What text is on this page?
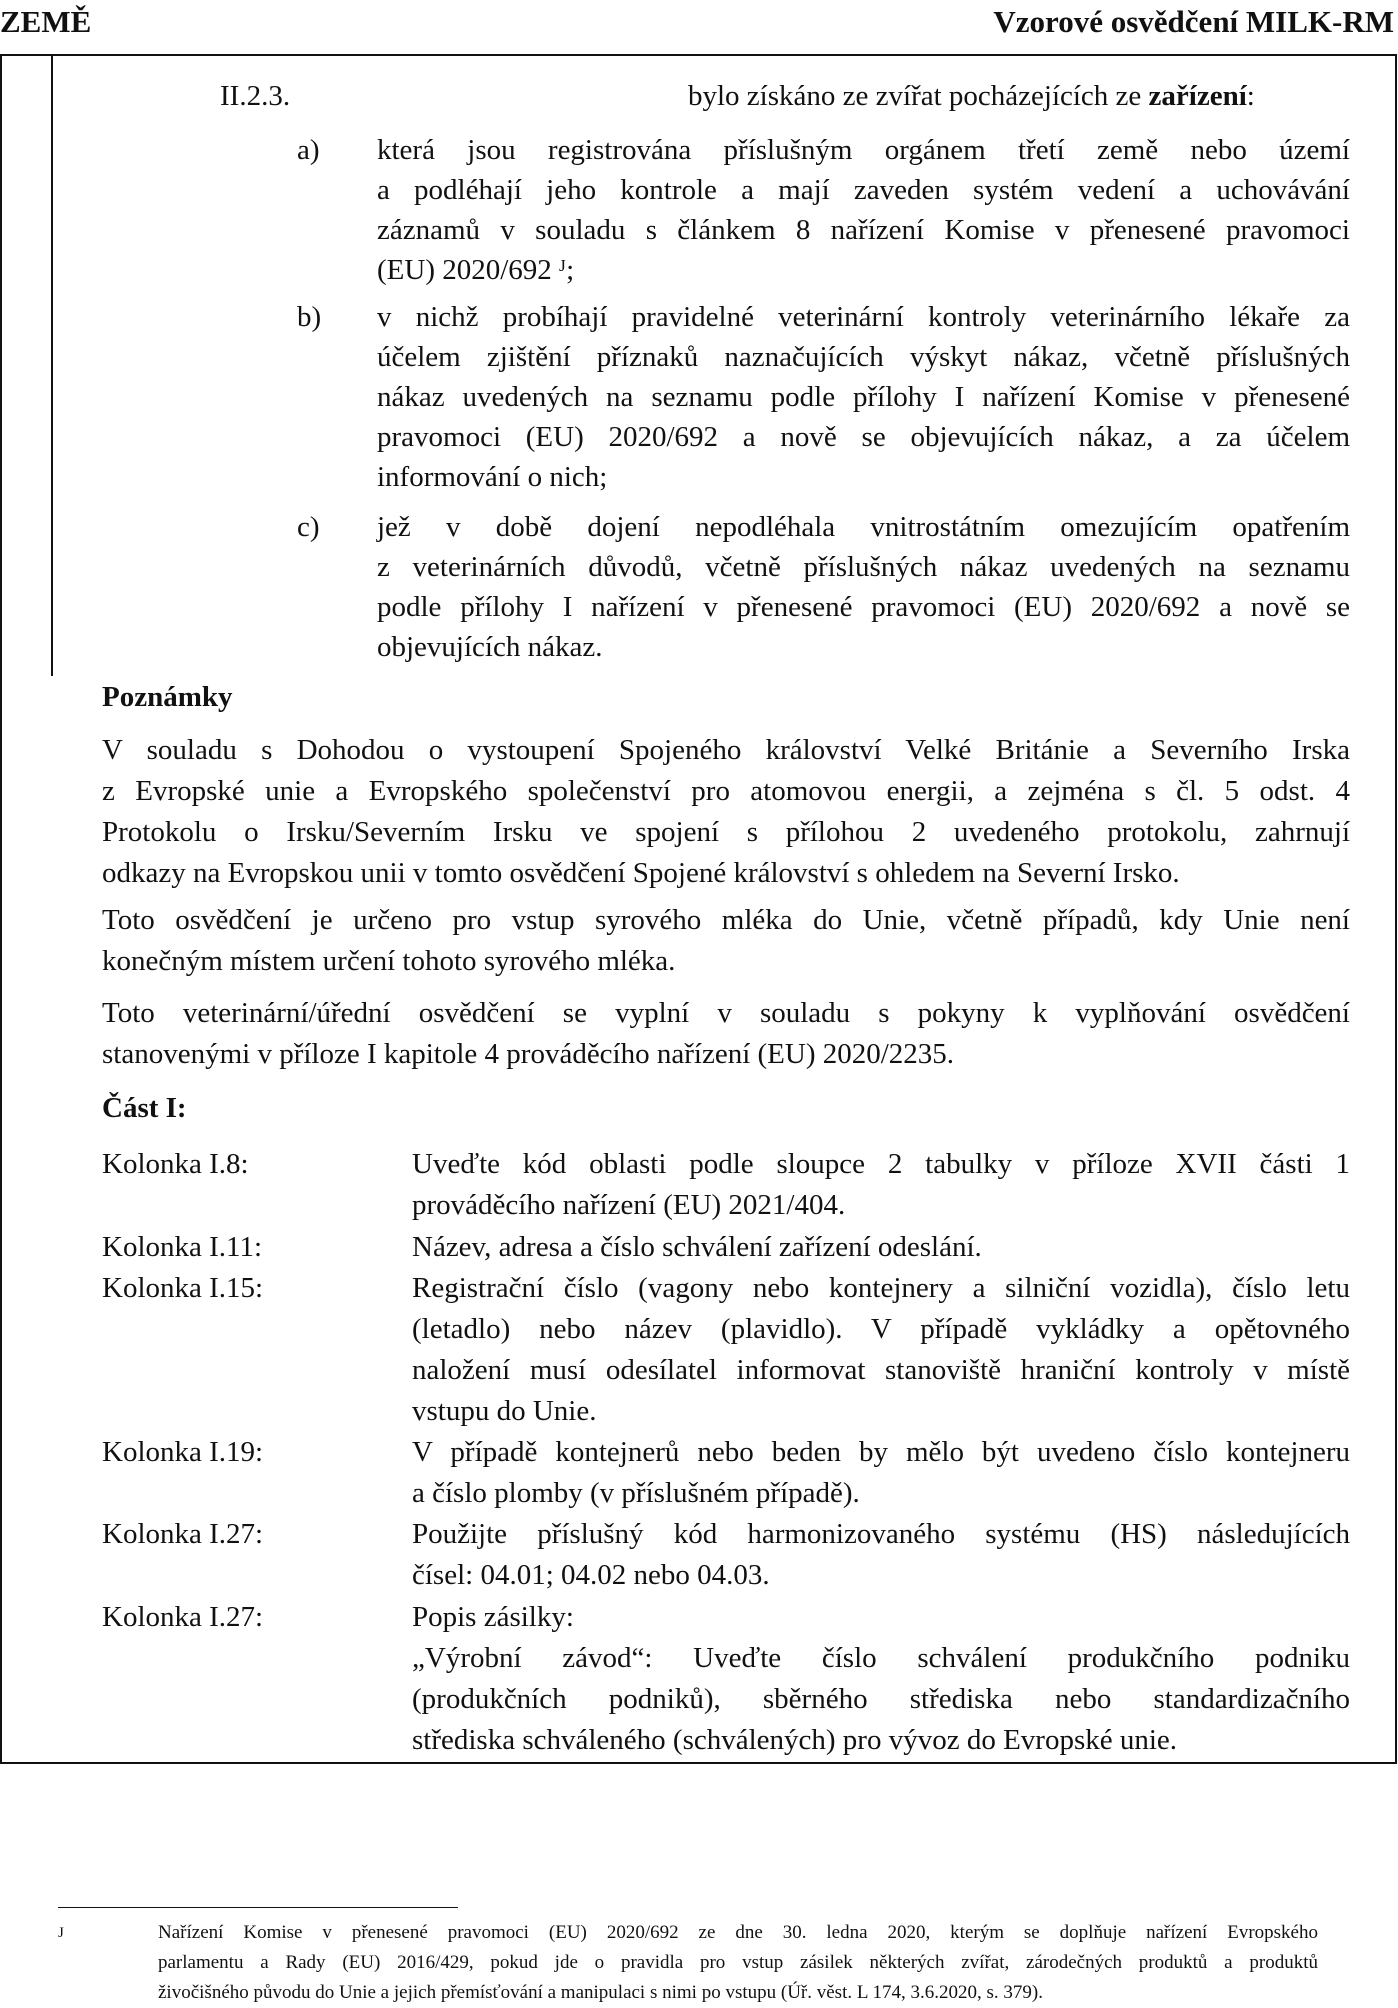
ZEMĚ	Vzorové osvědčení MILK-RM
II.2.3.	bylo získáno ze zvířat pocházejících ze zařízení:
a) která jsou registrována příslušným orgánem třetí země nebo území
a podléhají jeho kontrole a mají zaveden systém vedení a uchovávání
záznamů v souladu s článkem 8 nařízení Komise v přenesené pravomoci
(EU) 2020/692 ᴶ;
b) v nichž probíhají pravidelné veterinární kontroly veterinárního lékaře za
účelem zjištění příznaků naznačujících výskyt nákaz, včetně příslušných
nákaz uvedených na seznamu podle přílohy I nařízení Komise v přenesené
pravomoci (EU) 2020/692 a nově se objevujících nákaz, a za účelem
informování o nich;
c) jež v době dojení nepodléhala vnitrostátním omezujícím opatřením
z veterinárních důvodů, včetně příslušných nákaz uvedených na seznamu
podle přílohy I nařízení v přenesené pravomoci (EU) 2020/692 a nově se
objevujících nákaz.
Poznámky
V souladu s Dohodou o vystoupení Spojeného království Velké Británie a Severního Irska
z Evropské unie a Evropského společenství pro atomovou energii, a zejména s čl. 5 odst. 4
Protokolu o Irsku/Severním Irsku ve spojení s přílohou 2 uvedeného protokolu, zahrnují
odkazy na Evropskou unii v tomto osvědčení Spojené království s ohledem na Severní Irsko.
Toto osvědčení je určeno pro vstup syrového mléka do Unie, včetně případů, kdy Unie není
konečným místem určení tohoto syrového mléka.
Toto veterinární/úřední osvědčení se vyplní v souladu s pokyny k vyplňování osvědčení
stanovenými v příloze I kapitole 4 prováděcího nařízení (EU) 2020/2235.
Část I:
Kolonka I.8:	Uveďte kód oblasti podle sloupce 2 tabulky v příloze XVII části 1
prováděcího nařízení (EU) 2021/404.
Kolonka I.11:	Název, adresa a číslo schválení zařízení odeslání.
Kolonka I.15:	Registrační číslo (vagony nebo kontejnery a silniční vozidla), číslo letu
(letadlo) nebo název (plavidlo). V případě vykládky a opětovného
naložení musí odesílatel informovat stanoviště hraniční kontroly v místě
vstupu do Unie.
Kolonka I.19:	V případě kontejnerů nebo beden by mělo být uvedeno číslo kontejneru
a číslo plomby (v příslušném případě).
Kolonka I.27:	Použijte příslušný kód harmonizovaného systému (HS) následujících
čísel: 04.01; 04.02 nebo 04.03.
Kolonka I.27:	Popis zásilky:
„Výrobní závod“: Uveďte číslo schválení produkčního podniku
(produkčních podniků), sběrného střediska nebo standardizačního
střediska schváleného (schválených) pro vývoz do Evropské unie.
J	Nařízení Komise v přenesené pravomoci (EU) 2020/692 ze dne 30. ledna 2020, kterým se doplňuje nařízení Evropského
parlamentu a Rady (EU) 2016/429, pokud jde o pravidla pro vstup zásilek některých zvířat, zárodečných produktů a produktů
živočišného původu do Unie a jejich přemísťování a manipulaci s nimi po vstupu (Úř. věst. L 174, 3.6.2020, s. 379).
